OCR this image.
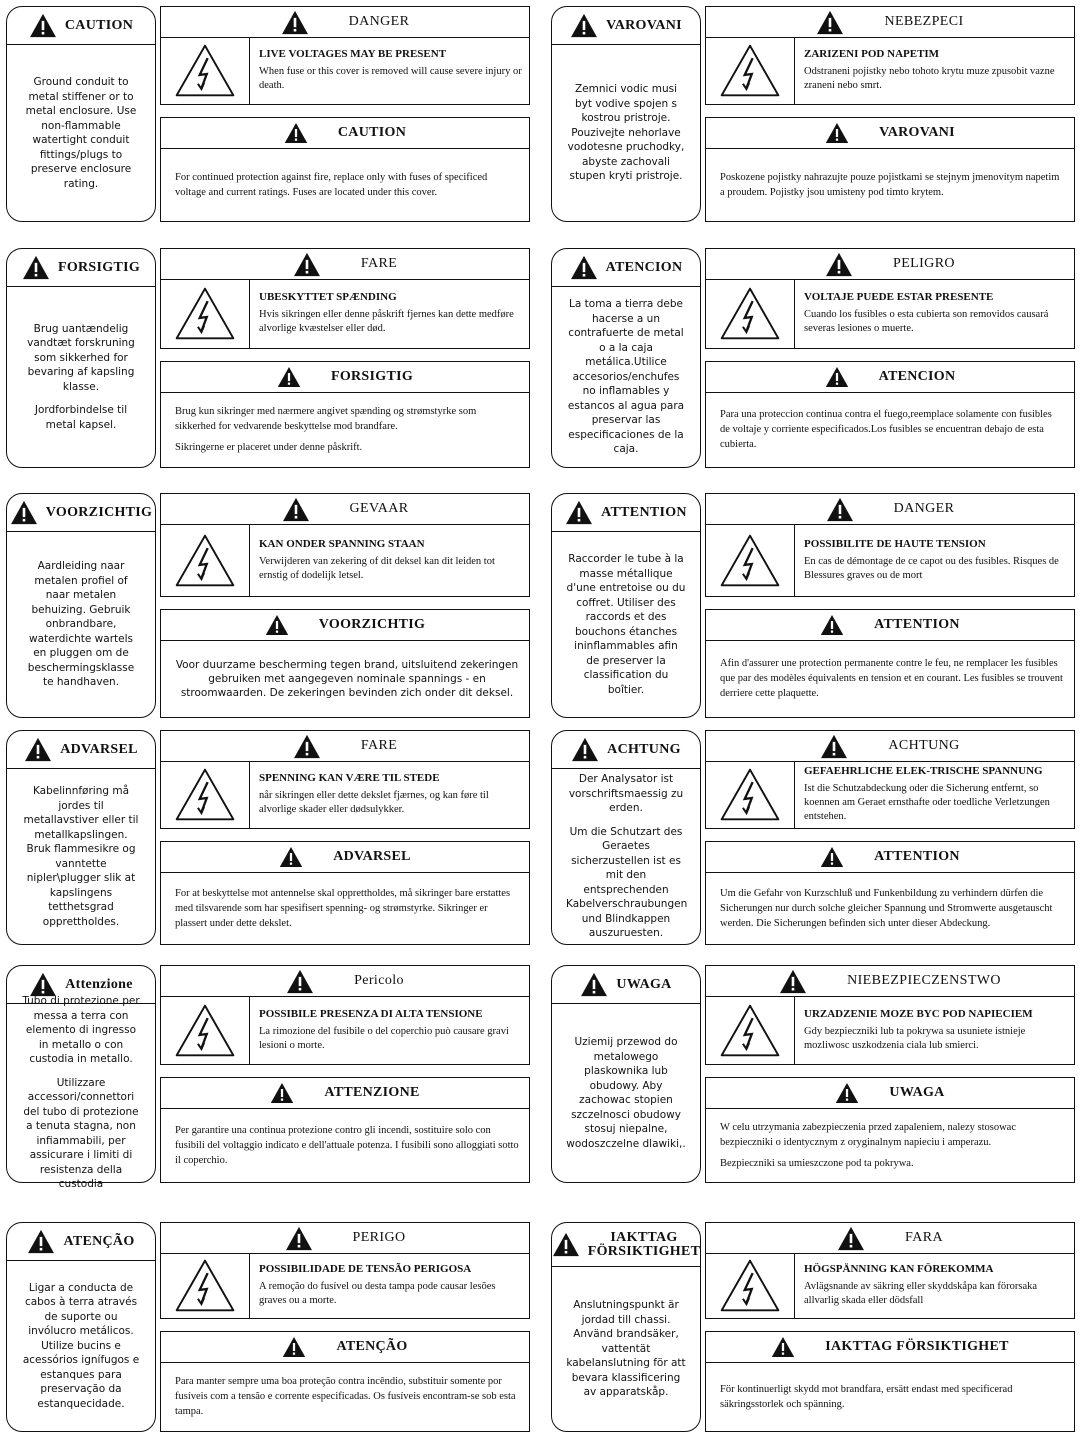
CAUTION

Ground conduit to metal stiffener or to metal enclosure. Use non-flammable watertight conduit fittings/plugs to preserve enclosure rating.

DANGER
LIVE VOLTAGES MAY BE PRESENT
When fuse or this cover is removed will cause severe injury or death.
CAUTION

For continued protection against fire, replace only with fuses of specificed voltage and current ratings. Fuses are located under this cover.

VAROVANI

Zemnici vodic musi byt vodive spojen s kostrou pristroje. Pouzivejte nehorlave vodotesne pruchodky, abyste zachovali stupen kryti pristroje.

NEBEZPECI
ZARIZENI POD NAPETIM
Odstraneni pojistky nebo tohoto krytu muze zpusobit vazne zraneni nebo smrt.
VAROVANI

Poskozene pojistky nahrazujte pouze pojistkami se stejnym jmenovitym napetim a proudem. Pojistky jsou umisteny pod timto krytem.

FORSIGTIG

Brug uantændelig vandtæt forskruning som sikkerhed for bevaring af kapsling klasse.

Jordforbindelse til metal kapsel.

FARE
UBESKYTTET SPÆNDING
Hvis sikringen eller denne påskrift fjernes kan dette medføre alvorlige kvæstelser eller død.
FORSIGTIG

Brug kun sikringer med nærmere angivet spænding og strømstyrke som sikkerhed for vedvarende beskyttelse mod brandfare.

Sikringerne er placeret under denne påskrift.

ATENCION

La toma a tierra debe hacerse a un contrafuerte de metal o a la caja metálica.Utilice accesorios/enchufes no inflamables y estancos al agua para preservar las especificaciones de la caja.

PELIGRO
VOLTAJE PUEDE ESTAR PRESENTE
Cuando los fusibles o esta cubierta son removidos causará severas lesiones o muerte.
ATENCION

Para una proteccion continua contra el fuego,reemplace solamente con fusibles de voltaje y corriente especificados.Los fusibles se encuentran debajo de esta cubierta.

VOORZICHTIG

Aardleiding naar metalen profiel of naar metalen behuizing. Gebruik onbrandbare, waterdichte wartels en pluggen om de beschermingsklasse te handhaven.

GEVAAR
KAN ONDER SPANNING STAAN
Verwijderen van zekering of dit deksel kan dit leiden tot ernstig of dodelijk letsel.
VOORZICHTIG

Voor duurzame bescherming tegen brand, uitsluitend zekeringen gebruiken met aangegeven nominale spannings - en stroomwaarden. De zekeringen bevinden zich onder dit deksel.

ATTENTION

Raccorder le tube à la masse métallique d'une entretoise ou du coffret. Utiliser des raccords et des bouchons étanches ininflammables afin de preserver la classification du boîtier.

DANGER
POSSIBILITE DE HAUTE TENSION
En cas de démontage de ce capot ou des fusibles. Risques de Blessures graves ou de mort
ATTENTION

Afin d'assurer une protection permanente contre le feu, ne remplacer les fusibles que par des modèles équivalents en tension et en courant. Les fusibles se trouvent derriere cette plaquette.

ADVARSEL

Kabelinnføring må jordes til metallavstiver eller til metallkapslingen. Bruk flammesikre og vanntette nipler\plugger slik at kapslingens tetthetsgrad opprettholdes.

FARE
SPENNING KAN VÆRE TIL STEDE
når sikringen eller dette dekslet fjærnes, og kan føre til alvorlige skader eller dødsulykker.
ADVARSEL

For at beskyttelse mot antennelse skal opprettholdes, må sikringer bare erstattes med tilsvarende som har spesifisert spenning- og strømstyrke. Sikringer er plassert under dette dekslet.

ACHTUNG

Der Analysator ist vorschriftsmaessig zu erden.

Um die Schutzart des Geraetes sicherzustellen ist es mit den entsprechenden Kabelverschraubungen und Blindkappen auszuruesten.

ACHTUNG
GEFAEHRLICHE ELEK-TRISCHE SPANNUNG
Ist die Schutzabdeckung oder die Sicherung entfernt, so koennen am Geraet ernsthafte oder toedliche Verletzungen entstehen.
ATTENTION

Um die Gefahr von Kurzschluß und Funkenbildung zu verhindern dürfen die Sicherungen nur durch solche gleicher Spannung und Stromwerte ausgetauscht werden. Die Sicherungen befinden sich unter dieser Abdeckung.

Attenzione

Tubo di protezione per messa a terra con elemento di ingresso in metallo o con custodia in metallo.

Utilizzare accessori/connettori del tubo di protezione a tenuta stagna, non infiammabili, per assicurare i limiti di resistenza della custodia

Pericolo
POSSIBILE PRESENZA DI ALTA TENSIONE
La rimozione del fusibile o del coperchio può causare gravi lesioni o morte.
ATTENZIONE

Per garantire una continua protezione contro gli incendi, sostituire solo con fusibili del voltaggio indicato e dell'attuale potenza. I fusibili sono alloggiati sotto il coperchio.

UWAGA

Uziemij przewod do metalowego plaskownika lub obudowy. Aby zachowac stopien szczelnosci obudowy stosuj niepalne, wodoszczelne dlawiki,.

NIEBEZPIECZENSTWO
URZADZENIE MOZE BYC POD NAPIECIEM
Gdy bezpieczniki lub ta pokrywa sa usuniete istnieje mozliwosc uszkodzenia ciala lub smierci.
UWAGA

W celu utrzymania zabezpieczenia przed zapaleniem, nalezy stosowac bezpieczniki o identycznym z oryginalnym napieciu i amperazu.

Bezpieczniki sa umieszczone pod ta pokrywa.

ATENÇÃO

Ligar a conducta de cabos à terra através de suporte ou invólucro metálicos. Utilize bucins e acessórios ignífugos e estanques para preservação da estanquecidade.

PERIGO
POSSIBILIDADE DE TENSÃO PERIGOSA
A remoção do fusível ou desta tampa pode causar lesões graves ou a morte.
ATENÇÃO

Para manter sempre uma boa proteção contra incêndio, substituir somente por fusíveis com a tensão e corrente especificadas. Os fusíveis encontram-se sob esta tampa.

IAKTTAG FÖRSIKTIGHET

Anslutningspunkt är jordad till chassi. Använd brandsäker, vattentät kabelanslutning för att bevara klassificering av apparatskåp.

FARA
HÖGSPÄNNING KAN FÖREKOMMA
Avlägsnande av säkring eller skyddskåpa kan förorsaka allvarlig skada eller dödsfall
IAKTTAG FÖRSIKTIGHET

För kontinuerligt skydd mot brandfara, ersätt endast med specificerad säkringsstorlek och spänning.
